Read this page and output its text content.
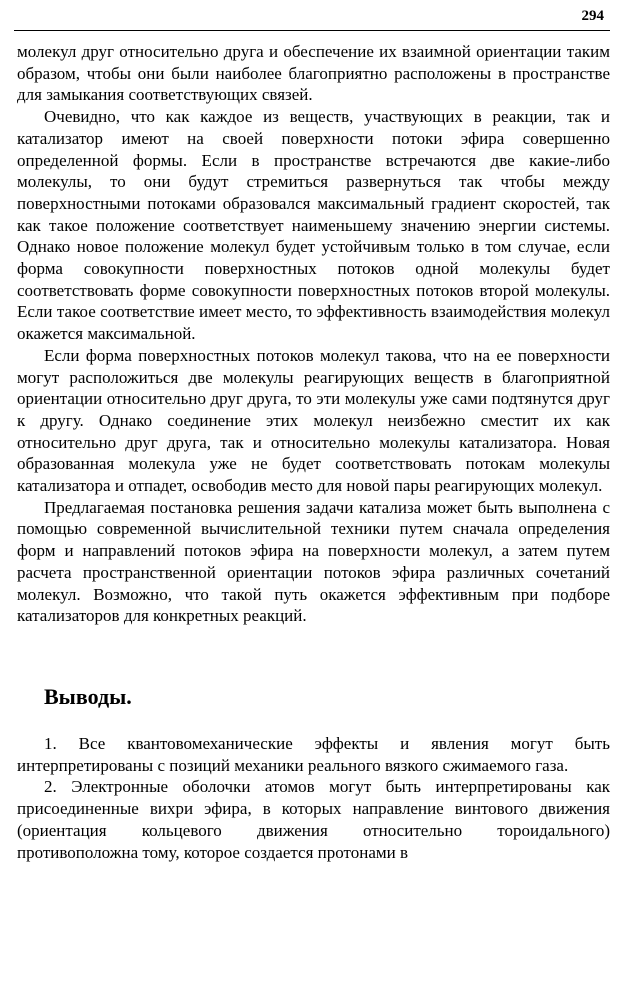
294

молекул друг относительно друга и обеспечение их взаимной ориентации таким образом, чтобы они были наиболее благоприятно расположены в пространстве для замыкания соответствующих связей.

Очевидно, что как каждое из веществ, участвующих в реакции, так и катализатор имеют на своей поверхности потоки эфира совершенно определенной формы. Если в пространстве встречаются две какие-либо молекулы, то они будут стремиться развернуться так чтобы между поверхностными потоками образовался максимальный градиент скоростей, так как такое положение соответствует наименьшему значению энергии системы. Однако новое положение молекул будет устойчивым только в том случае, если форма совокупности поверхностных потоков одной молекулы будет соответствовать форме совокупности поверхностных потоков второй молекулы. Если такое соответствие имеет место, то эффективность взаимодействия молекул окажется максимальной.

Если форма поверхностных потоков молекул такова, что на ее поверхности могут расположиться две молекулы реагирующих веществ в благоприятной ориентации относительно друг друга, то эти молекулы уже сами подтянутся друг к другу. Однако соединение этих молекул неизбежно сместит их как относительно друг друга, так и относительно молекулы катализатора. Новая образованная молекула уже не будет соответствовать потокам молекулы катализатора и отпадет, освободив место для новой пары реагирующих молекул.

Предлагаемая постановка решения задачи катализа может быть выполнена с помощью современной вычислительной техники путем сначала определения форм и направлений потоков эфира на поверхности молекул, а затем путем расчета пространственной ориентации потоков эфира различных сочетаний молекул. Возможно, что такой путь окажется эффективным при подборе катализаторов для конкретных реакций.

Выводы.

1. Все квантовомеханические эффекты и явления могут быть интерпретированы с позиций механики реального вязкого сжимаемого газа.

2. Электронные оболочки атомов могут быть интерпретированы как присоединенные вихри эфира, в которых направление винтового движения (ориентация кольцевого движения относительно тороидального) противоположна тому, которое создается протонами в
